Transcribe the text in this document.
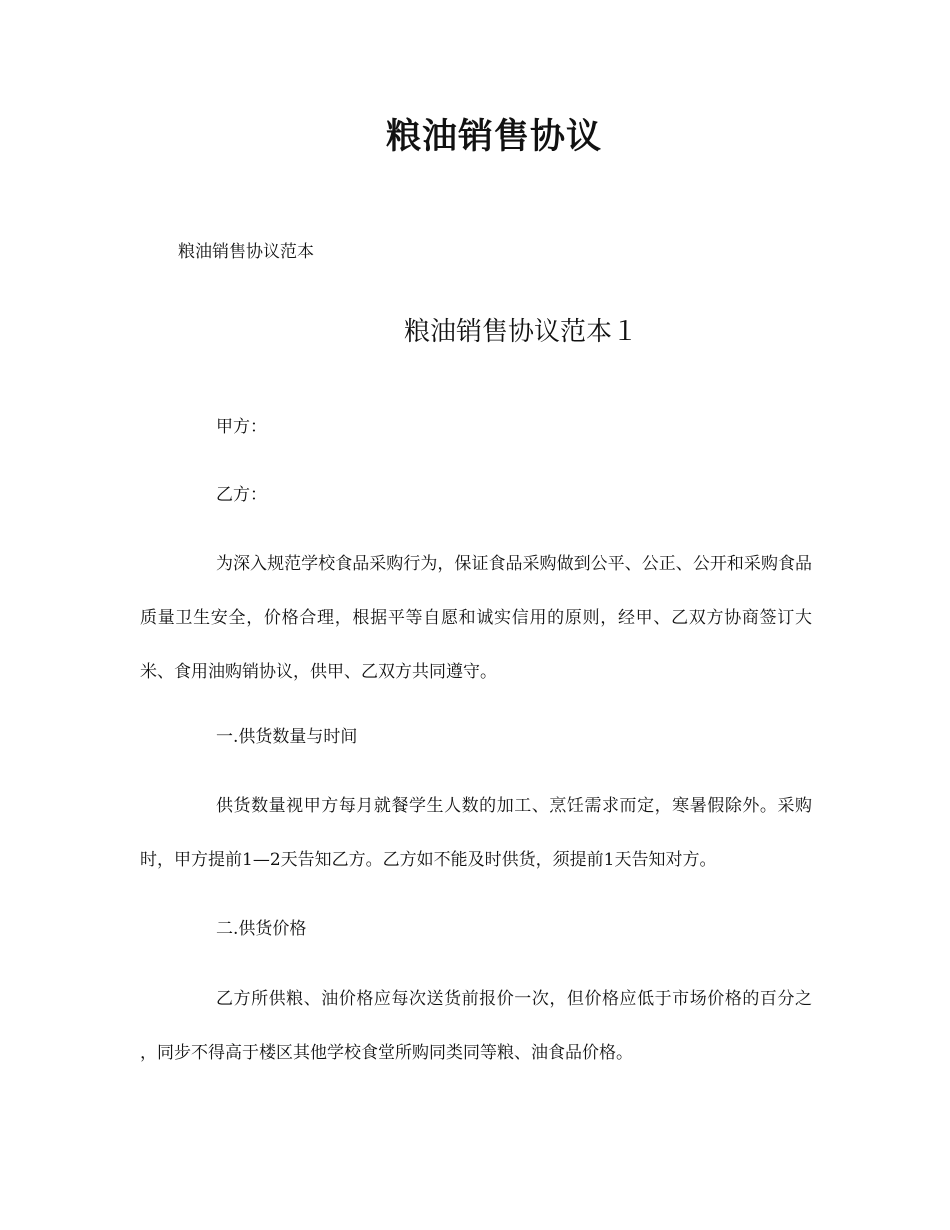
粮油销售协议
粮油销售协议范本
粮油销售协议范本１

甲方：

乙方：

为深入规范学校食品采购行为，保证食品采购做到公平、公正、公开和采购食品质量卫生安全，价格合理，根据平等自愿和诚实信用的原则，经甲、乙双方协商签订大米、食用油购销协议，供甲、乙双方共同遵守。

一.供货数量与时间

供货数量视甲方每月就餐学生人数的加工、烹饪需求而定，寒暑假除外。采购时，甲方提前1—2天告知乙方。乙方如不能及时供货，须提前1天告知对方。

二.供货价格

乙方所供粮、油价格应每次送货前报价一次，但价格应低于市场价格的百分之 ，同步不得高于楼区其他学校食堂所购同类同等粮、油食品价格。
